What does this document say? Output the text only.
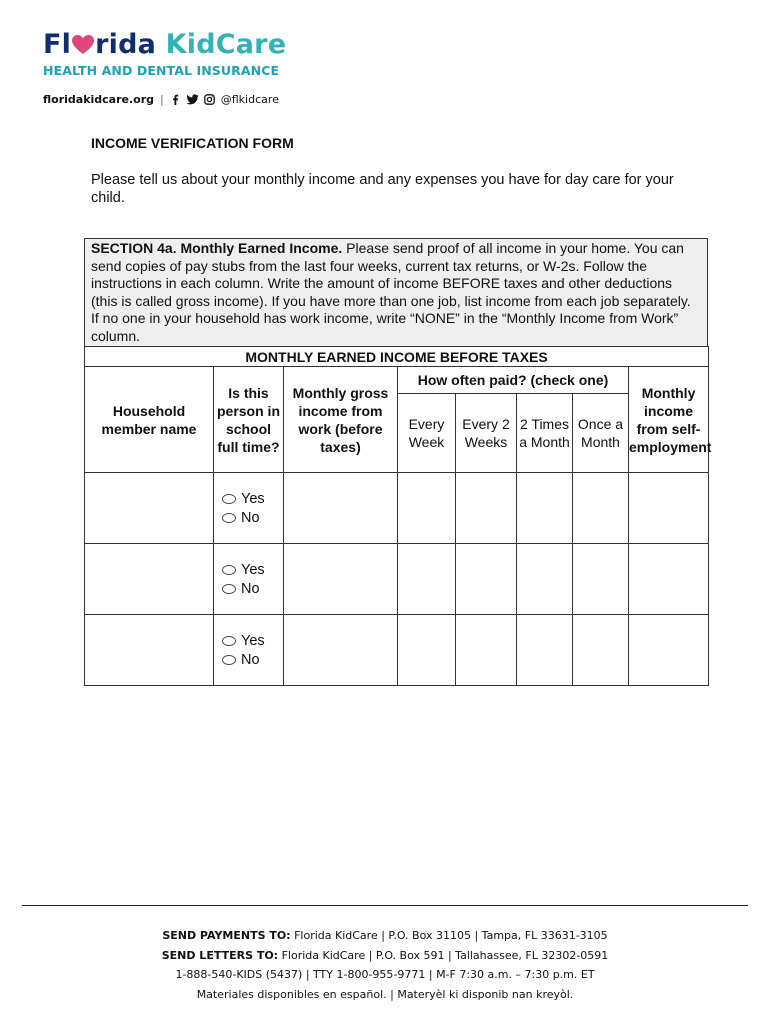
Fl rida KidCare
HEALTH AND DENTAL INSURANCE
floridakidcare.org |	@flkidcare
INCOME VERIFICATION FORM
Please tell us about your monthly income and any expenses you have for day care for your child.
SECTION 4a. Monthly Earned Income. Please send proof of all income in your home. You can send copies of pay stubs from the last four weeks, current tax returns, or W-2s. Follow the instructions in each column. Write the amount of income BEFORE taxes and other deductions (this is called gross income). If you have more than one job, list income from each job separately. If no one in your household has work income, write “NONE” in the “Monthly Income from Work” column.
MONTHLY EARNED INCOME BEFORE TAXES							
Household member name	Is this person in school full time?	Monthly gross income from work (before taxes)	How often paid? (check one)				Monthly income from self-employment
			Every Week	Every 2 Weeks	2 Times a Month	Once a Month	

	Yes
No						

	Yes
No						

	Yes
No						

SEND PAYMENTS TO: Florida KidCare | P.O. Box 31105 | Tampa, FL 33631-3105
SEND LETTERS TO: Florida KidCare | P.O. Box 591 | Tallahassee, FL 32302-0591
1-888-540-KIDS (5437) | TTY 1-800-955-9771 | M-F 7:30 a.m. – 7:30 p.m. ET
Materiales disponibles en español. | Materyèl ki disponib nan kreyòl.
